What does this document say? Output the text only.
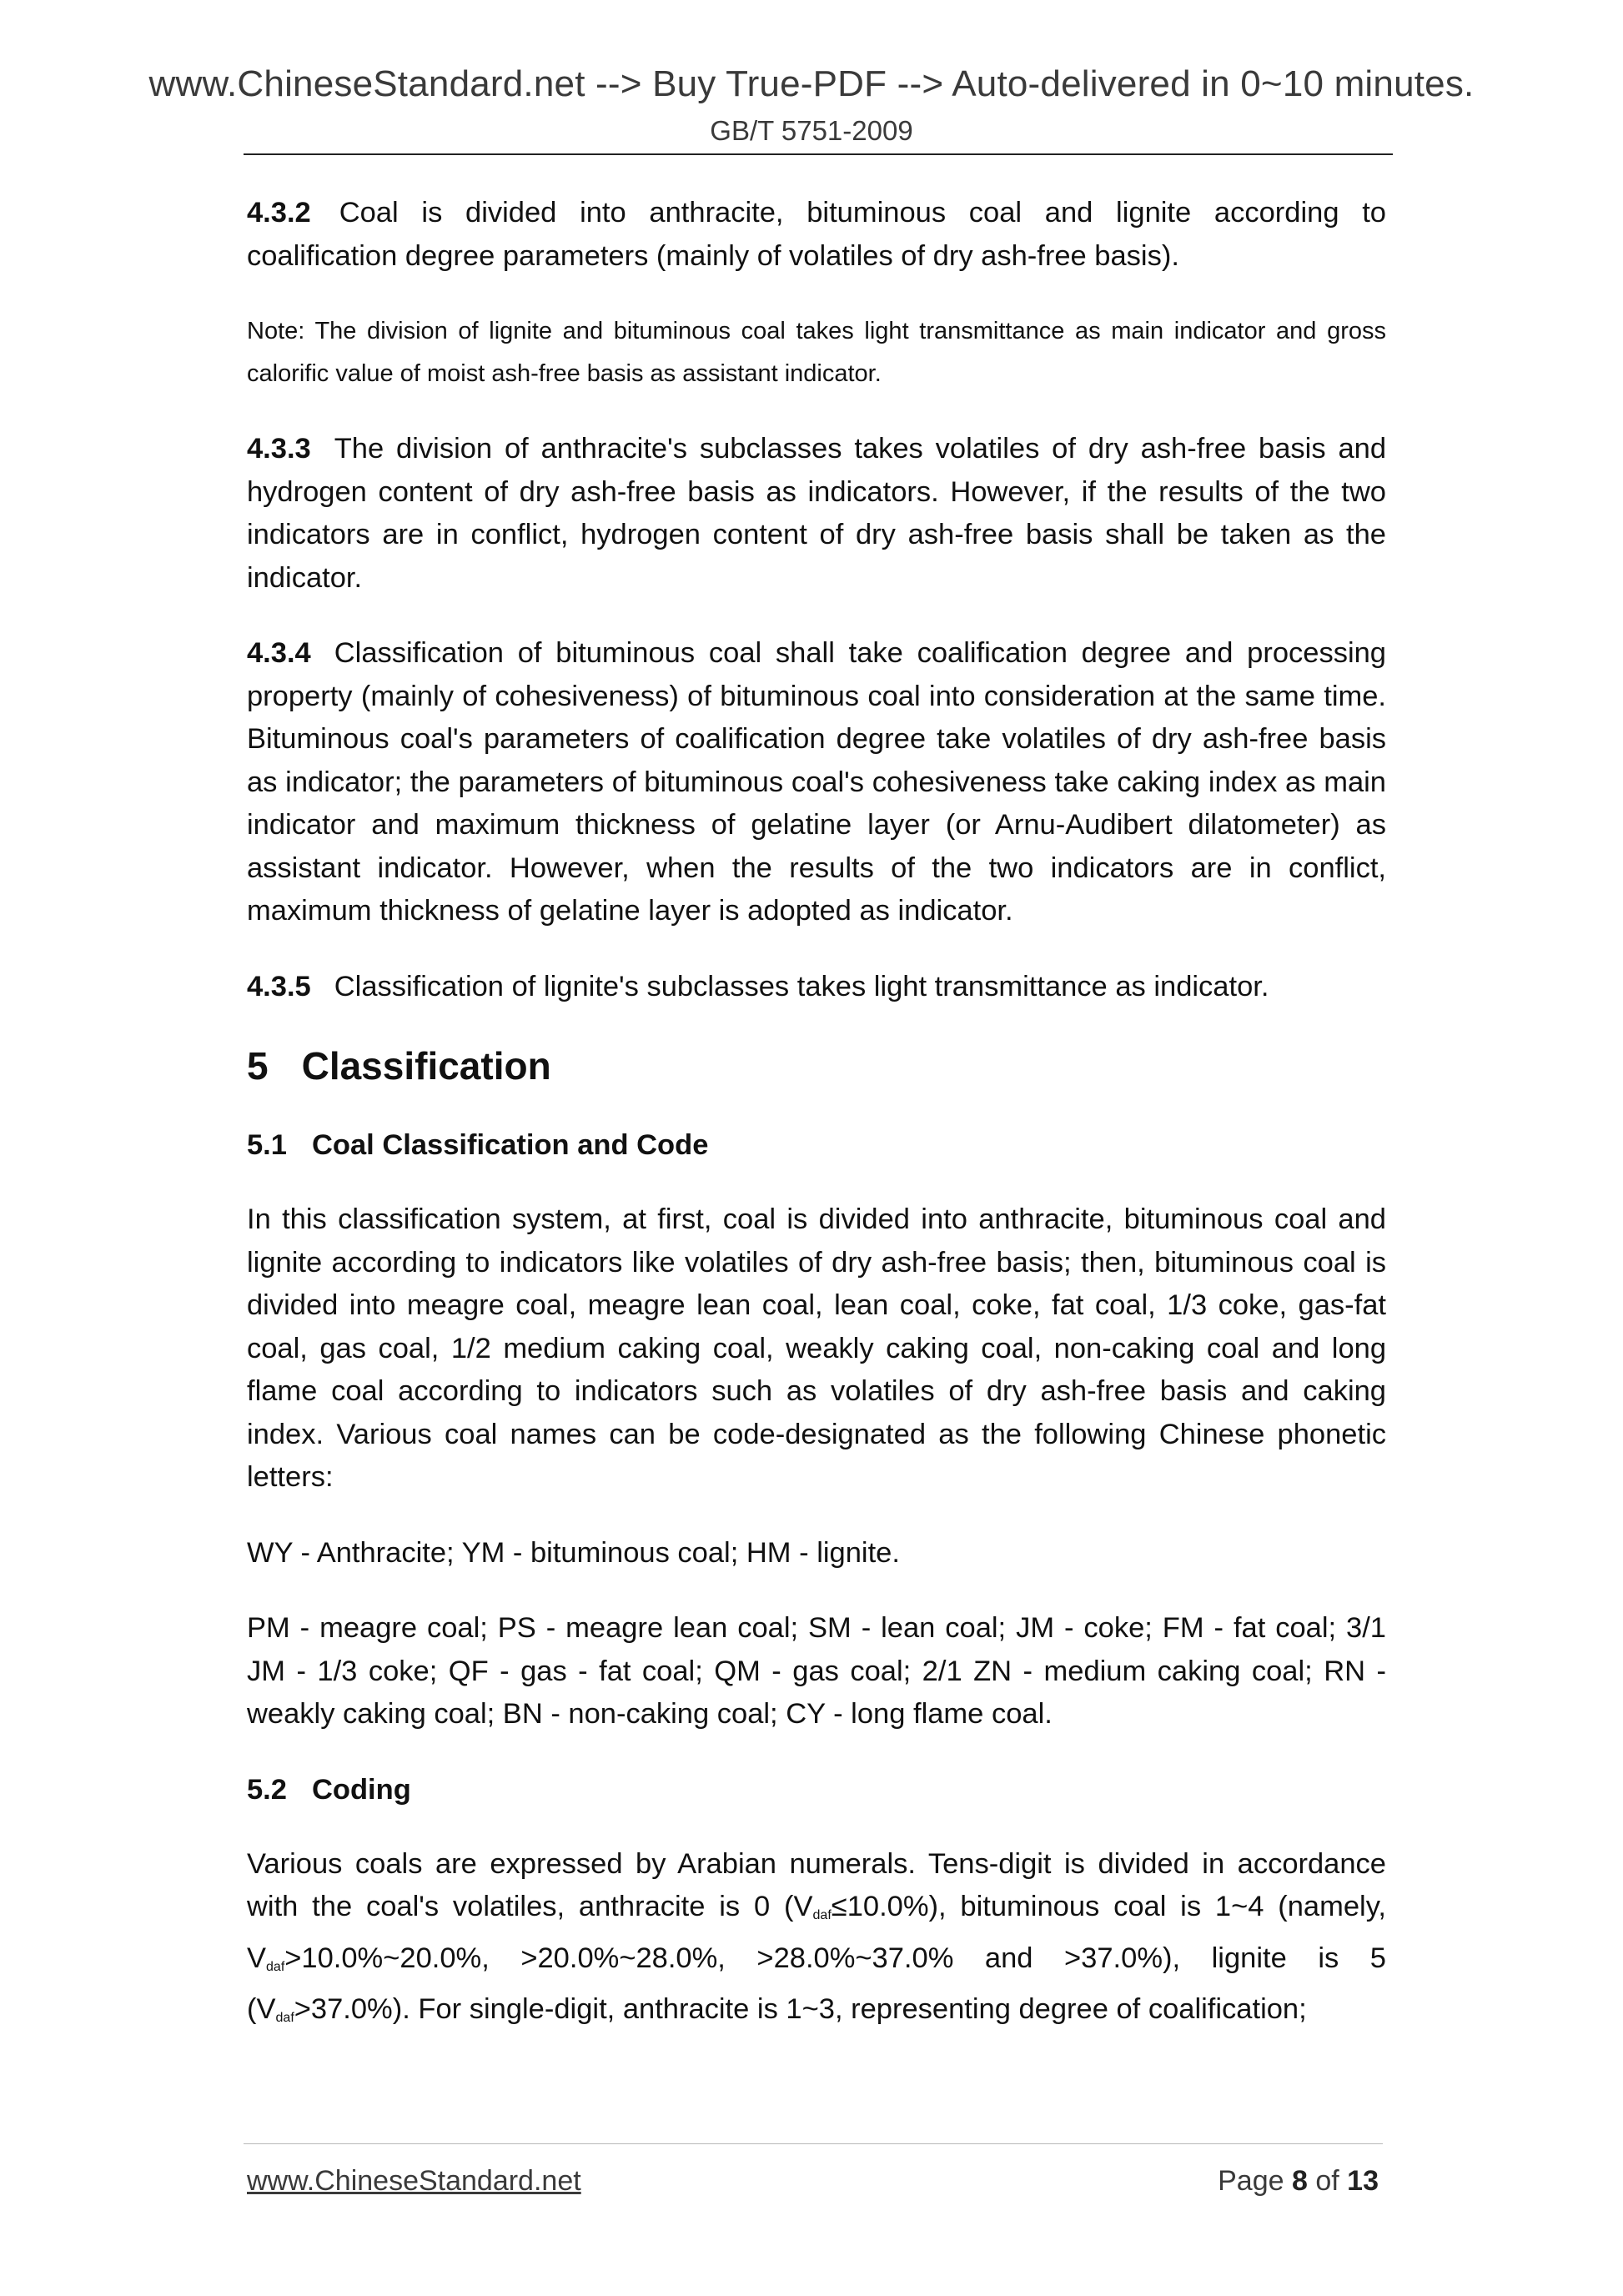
www.ChineseStandard.net --> Buy True-PDF --> Auto-delivered in 0~10 minutes.
GB/T 5751-2009

4.3.2 Coal is divided into anthracite, bituminous coal and lignite according to coalification degree parameters (mainly of volatiles of dry ash-free basis).

Note: The division of lignite and bituminous coal takes light transmittance as main indicator and gross calorific value of moist ash-free basis as assistant indicator.

4.3.3 The division of anthracite's subclasses takes volatiles of dry ash-free basis and hydrogen content of dry ash-free basis as indicators. However, if the results of the two indicators are in conflict, hydrogen content of dry ash-free basis shall be taken as the indicator.

4.3.4 Classification of bituminous coal shall take coalification degree and processing property (mainly of cohesiveness) of bituminous coal into consideration at the same time. Bituminous coal's parameters of coalification degree take volatiles of dry ash-free basis as indicator; the parameters of bituminous coal's cohesiveness take caking index as main indicator and maximum thickness of gelatine layer (or Arnu-Audibert dilatometer) as assistant indicator. However, when the results of the two indicators are in conflict, maximum thickness of gelatine layer is adopted as indicator.

4.3.5 Classification of lignite's subclasses takes light transmittance as indicator.

5 Classification
5.1 Coal Classification and Code

In this classification system, at first, coal is divided into anthracite, bituminous coal and lignite according to indicators like volatiles of dry ash-free basis; then, bituminous coal is divided into meagre coal, meagre lean coal, lean coal, coke, fat coal, 1/3 coke, gas-fat coal, gas coal, 1/2 medium caking coal, weakly caking coal, non-caking coal and long flame coal according to indicators such as volatiles of dry ash-free basis and caking index. Various coal names can be code-designated as the following Chinese phonetic letters:

WY - Anthracite; YM - bituminous coal; HM - lignite.

PM - meagre coal; PS - meagre lean coal; SM - lean coal; JM - coke; FM - fat coal; 3/1 JM - 1/3 coke; QF - gas - fat coal; QM - gas coal; 2/1 ZN - medium caking coal; RN - weakly caking coal; BN - non-caking coal; CY - long flame coal.

5.2 Coding

Various coals are expressed by Arabian numerals. Tens-digit is divided in accordance with the coal's volatiles, anthracite is 0 $(V_{daf}\le 10.0\%)$, bituminous coal is 1~4 (namely, $V_{daf}>10.0\%\sim 20.0\%$, >20.0%~28.0%, >28.0%~37.0% and >37.0%), lignite is 5 $(V_{daf}>37.0\%)$. For single-digit, anthracite is 1~3, representing degree of coalification;

www.ChineseStandard.net	Page 8 of 13
